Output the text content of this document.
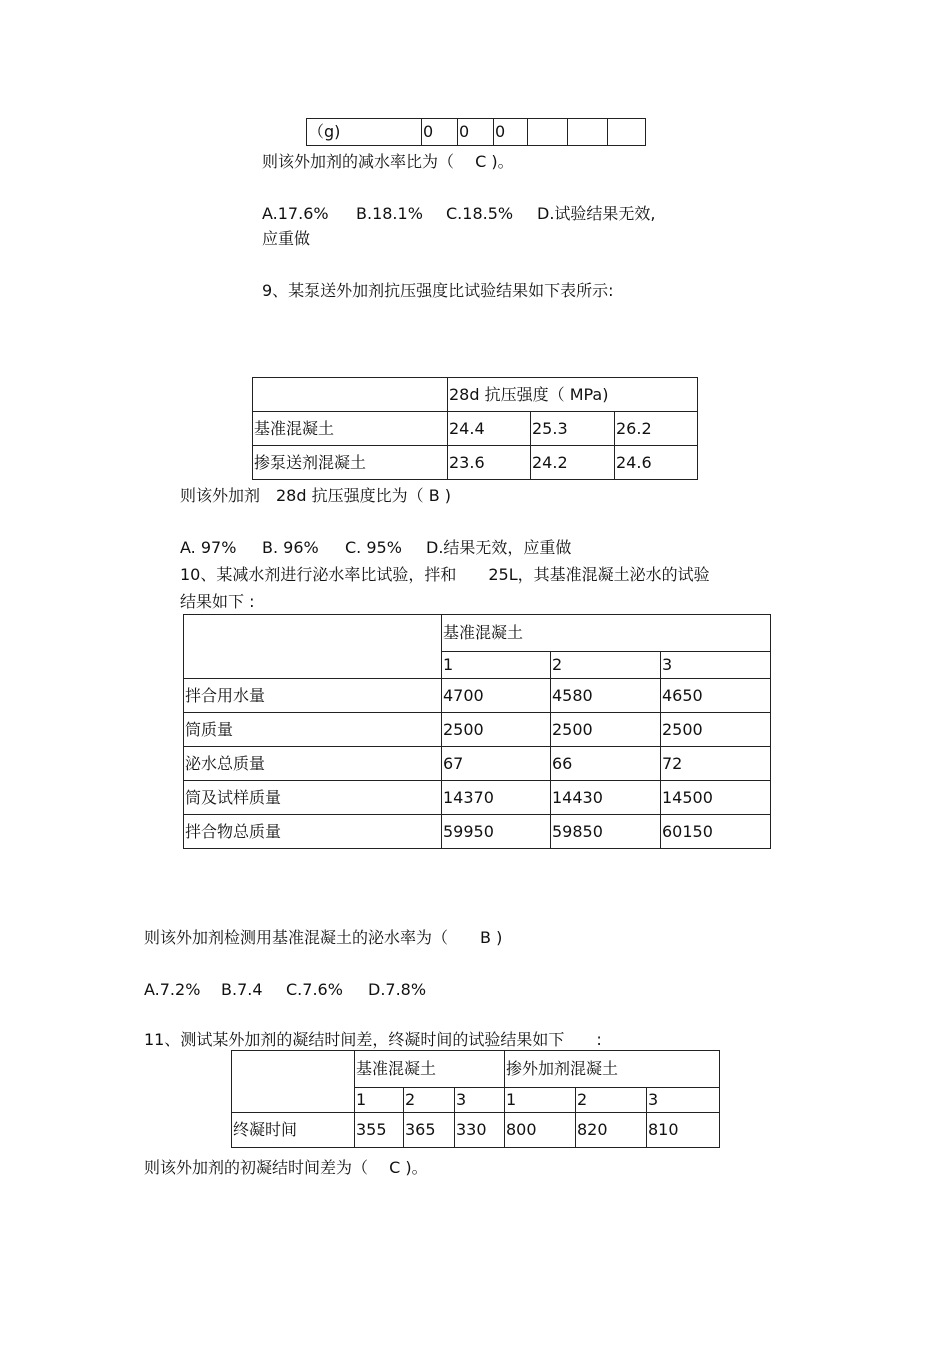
（g)	0	0	0			
则该外加剂的减水率比为（　 C )。
A.17.6% B.18.1% C.18.5% D.试验结果无效,
应重做
9、某泵送外加剂抗压强度比试验结果如下表所示:
	28d 抗压强度（ MPa)		
基准混凝土	24.4	25.3	26.2
掺泵送剂混凝土	23.6	24.2	24.6
则该外加剂　28d 抗压强度比为（ B )
A. 97% B. 96% C. 95% D.结果无效，应重做
10、某减水剂进行泌水率比试验，拌和　　25L，其基准混凝土泌水的试验
结果如下 :
	基准混凝土		
	1	2	3
拌合用水量	4700	4580	4650
筒质量	2500	2500	2500
泌水总质量	67	66	72
筒及试样质量	14370	14430	14500
拌合物总质量	59950	59850	60150
则该外加剂检测用基准混凝土的泌水率为（　　B )
A.7.2% B.7.4 C.7.6% D.7.8%
11、测试某外加剂的凝结时间差，终凝时间的试验结果如下　　:
	基准混凝土			掺外加剂混凝土		
	1	2	3	1	2	3
终凝时间	355	365	330	800	820	810
则该外加剂的初凝结时间差为（　 C )。
